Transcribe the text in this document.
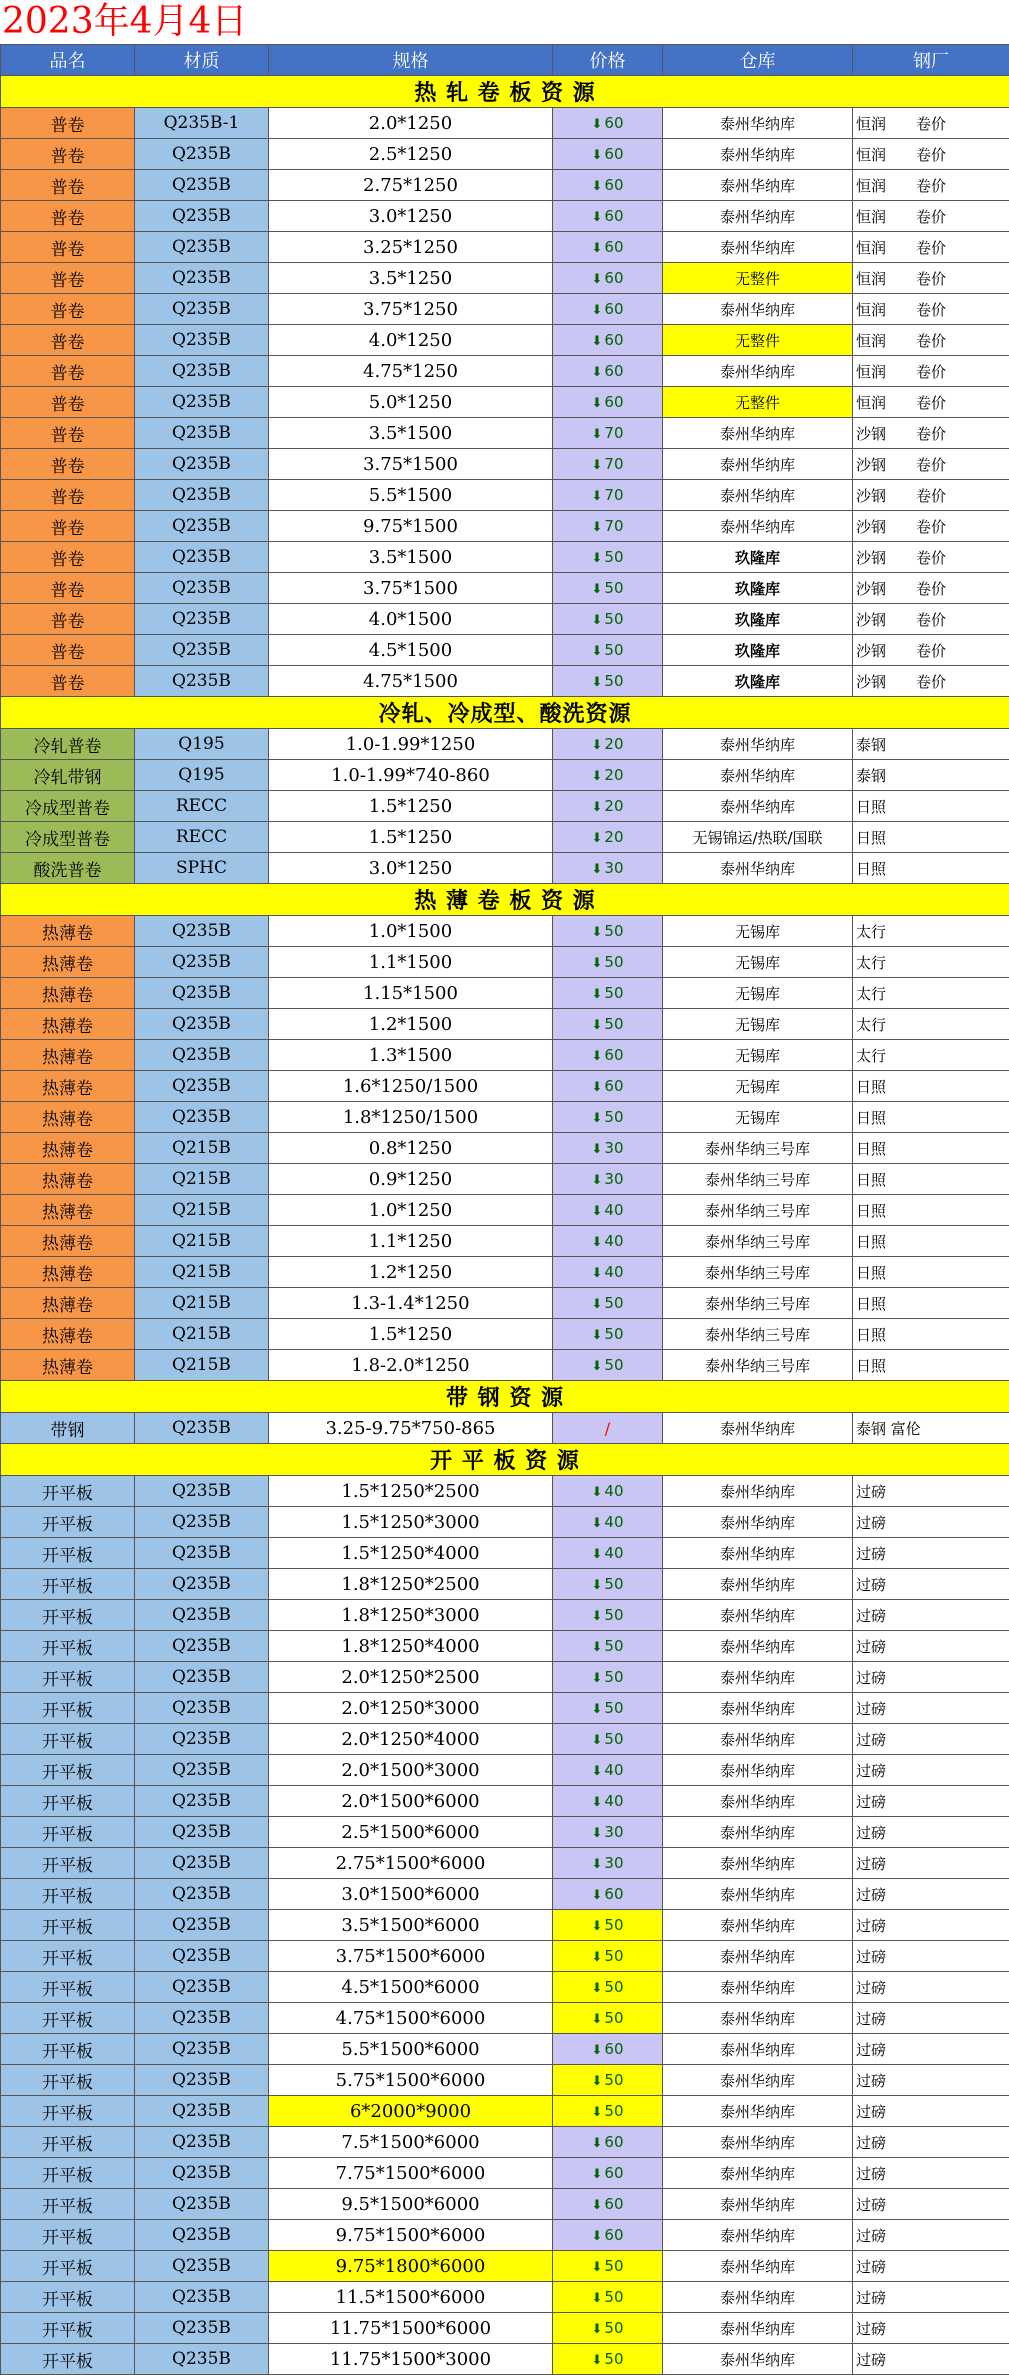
2023年4月4日
品名	材质	规格	价格	仓库	钢厂
热 轧 卷 板 资 源					
普卷	Q235B-1	2.0*1250	⬇ 60	泰州华纳库	恒润　　卷价
普卷	Q235B	2.5*1250	⬇ 60	泰州华纳库	恒润　　卷价
普卷	Q235B	2.75*1250	⬇ 60	泰州华纳库	恒润　　卷价
普卷	Q235B	3.0*1250	⬇ 60	泰州华纳库	恒润　　卷价
普卷	Q235B	3.25*1250	⬇ 60	泰州华纳库	恒润　　卷价
普卷	Q235B	3.5*1250	⬇ 60	无整件	恒润　　卷价
普卷	Q235B	3.75*1250	⬇ 60	泰州华纳库	恒润　　卷价
普卷	Q235B	4.0*1250	⬇ 60	无整件	恒润　　卷价
普卷	Q235B	4.75*1250	⬇ 60	泰州华纳库	恒润　　卷价
普卷	Q235B	5.0*1250	⬇ 60	无整件	恒润　　卷价
普卷	Q235B	3.5*1500	⬇ 70	泰州华纳库	沙钢　　卷价
普卷	Q235B	3.75*1500	⬇ 70	泰州华纳库	沙钢　　卷价
普卷	Q235B	5.5*1500	⬇ 70	泰州华纳库	沙钢　　卷价
普卷	Q235B	9.75*1500	⬇ 70	泰州华纳库	沙钢　　卷价
普卷	Q235B	3.5*1500	⬇ 50	玖隆库	沙钢　　卷价
普卷	Q235B	3.75*1500	⬇ 50	玖隆库	沙钢　　卷价
普卷	Q235B	4.0*1500	⬇ 50	玖隆库	沙钢　　卷价
普卷	Q235B	4.5*1500	⬇ 50	玖隆库	沙钢　　卷价
普卷	Q235B	4.75*1500	⬇ 50	玖隆库	沙钢　　卷价
冷轧、冷成型、酸洗资源					
冷轧普卷	Q195	1.0-1.99*1250	⬇ 20	泰州华纳库	泰钢
冷轧带钢	Q195	1.0-1.99*740-860	⬇ 20	泰州华纳库	泰钢
冷成型普卷	RECC	1.5*1250	⬇ 20	泰州华纳库	日照
冷成型普卷	RECC	1.5*1250	⬇ 20	无锡锦运/热联/国联	日照
酸洗普卷	SPHC	3.0*1250	⬇ 30	泰州华纳库	日照
热 薄 卷 板 资 源					
热薄卷	Q235B	1.0*1500	⬇ 50	无锡库	太行
热薄卷	Q235B	1.1*1500	⬇ 50	无锡库	太行
热薄卷	Q235B	1.15*1500	⬇ 50	无锡库	太行
热薄卷	Q235B	1.2*1500	⬇ 50	无锡库	太行
热薄卷	Q235B	1.3*1500	⬇ 60	无锡库	太行
热薄卷	Q235B	1.6*1250/1500	⬇ 60	无锡库	日照
热薄卷	Q235B	1.8*1250/1500	⬇ 50	无锡库	日照
热薄卷	Q215B	0.8*1250	⬇ 30	泰州华纳三号库	日照
热薄卷	Q215B	0.9*1250	⬇ 30	泰州华纳三号库	日照
热薄卷	Q215B	1.0*1250	⬇ 40	泰州华纳三号库	日照
热薄卷	Q215B	1.1*1250	⬇ 40	泰州华纳三号库	日照
热薄卷	Q215B	1.2*1250	⬇ 40	泰州华纳三号库	日照
热薄卷	Q215B	1.3-1.4*1250	⬇ 50	泰州华纳三号库	日照
热薄卷	Q215B	1.5*1250	⬇ 50	泰州华纳三号库	日照
热薄卷	Q215B	1.8-2.0*1250	⬇ 50	泰州华纳三号库	日照
带 钢 资 源					
带钢	Q235B	3.25-9.75*750-865	/	泰州华纳库	泰钢 富伦
开 平 板 资 源					
开平板	Q235B	1.5*1250*2500	⬇ 40	泰州华纳库	过磅
开平板	Q235B	1.5*1250*3000	⬇ 40	泰州华纳库	过磅
开平板	Q235B	1.5*1250*4000	⬇ 40	泰州华纳库	过磅
开平板	Q235B	1.8*1250*2500	⬇ 50	泰州华纳库	过磅
开平板	Q235B	1.8*1250*3000	⬇ 50	泰州华纳库	过磅
开平板	Q235B	1.8*1250*4000	⬇ 50	泰州华纳库	过磅
开平板	Q235B	2.0*1250*2500	⬇ 50	泰州华纳库	过磅
开平板	Q235B	2.0*1250*3000	⬇ 50	泰州华纳库	过磅
开平板	Q235B	2.0*1250*4000	⬇ 50	泰州华纳库	过磅
开平板	Q235B	2.0*1500*3000	⬇ 40	泰州华纳库	过磅
开平板	Q235B	2.0*1500*6000	⬇ 40	泰州华纳库	过磅
开平板	Q235B	2.5*1500*6000	⬇ 30	泰州华纳库	过磅
开平板	Q235B	2.75*1500*6000	⬇ 30	泰州华纳库	过磅
开平板	Q235B	3.0*1500*6000	⬇ 60	泰州华纳库	过磅
开平板	Q235B	3.5*1500*6000	⬇ 50	泰州华纳库	过磅
开平板	Q235B	3.75*1500*6000	⬇ 50	泰州华纳库	过磅
开平板	Q235B	4.5*1500*6000	⬇ 50	泰州华纳库	过磅
开平板	Q235B	4.75*1500*6000	⬇ 50	泰州华纳库	过磅
开平板	Q235B	5.5*1500*6000	⬇ 60	泰州华纳库	过磅
开平板	Q235B	5.75*1500*6000	⬇ 50	泰州华纳库	过磅
开平板	Q235B	6*2000*9000	⬇ 50	泰州华纳库	过磅
开平板	Q235B	7.5*1500*6000	⬇ 60	泰州华纳库	过磅
开平板	Q235B	7.75*1500*6000	⬇ 60	泰州华纳库	过磅
开平板	Q235B	9.5*1500*6000	⬇ 60	泰州华纳库	过磅
开平板	Q235B	9.75*1500*6000	⬇ 60	泰州华纳库	过磅
开平板	Q235B	9.75*1800*6000	⬇ 50	泰州华纳库	过磅
开平板	Q235B	11.5*1500*6000	⬇ 50	泰州华纳库	过磅
开平板	Q235B	11.75*1500*6000	⬇ 50	泰州华纳库	过磅
开平板	Q235B	11.75*1500*3000	⬇ 50	泰州华纳库	过磅
